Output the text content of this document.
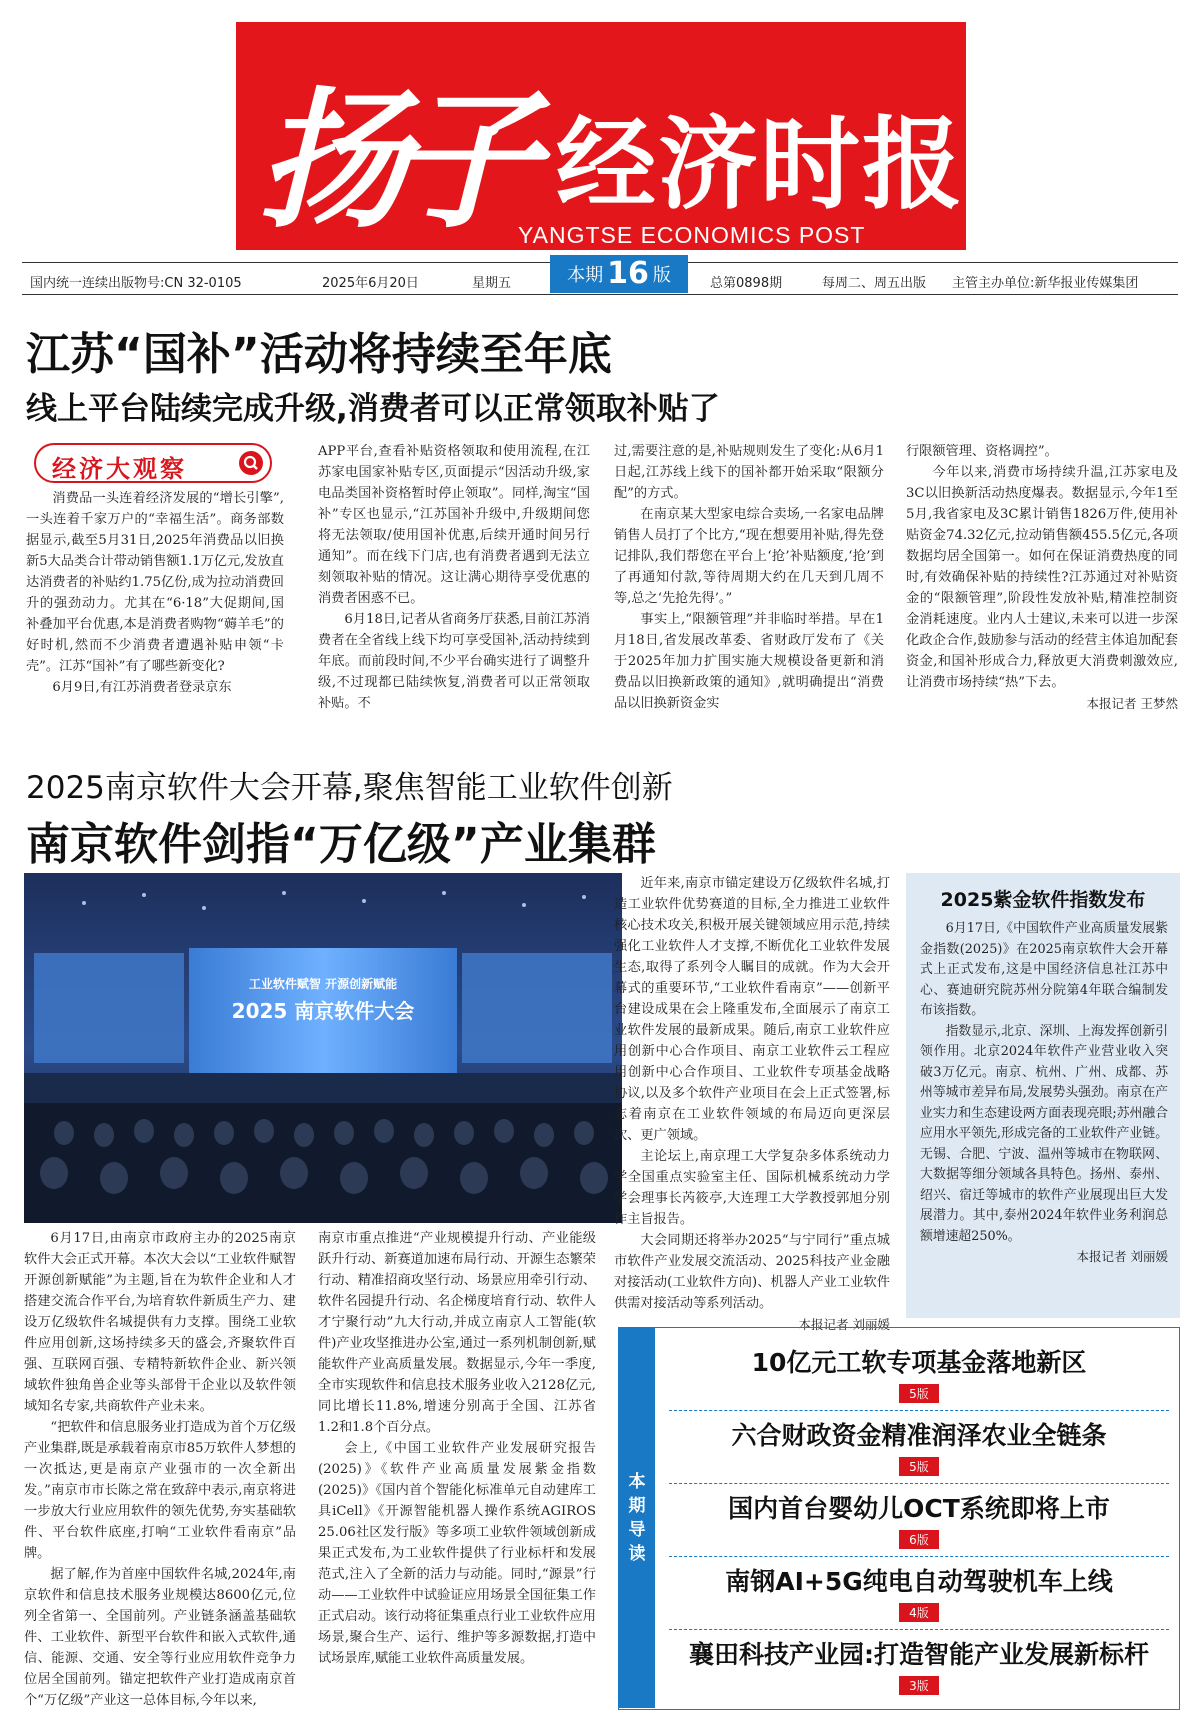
扬子 经济时报
YANGTSE ECONOMICS POST
国内统一连续出版物号:CN 32-0105	2025年6月20日	星期五	本期 16 版	总第0898期	每周二、周五出版 主管主办单位:新华报业传媒集团
江苏“国补”活动将持续至年底
线上平台陆续完成升级,消费者可以正常领取补贴了
经济大观察

消费品一头连着经济发展的“增长引擎”,一头连着千家万户的“幸福生活”。商务部数据显示,截至5月31日,2025年消费品以旧换新5大品类合计带动销售额1.1万亿元,发放直达消费者的补贴约1.75亿份,成为拉动消费回升的强劲动力。尤其在“6·18”大促期间,国补叠加平台优惠,本是消费者购物“薅羊毛”的好时机,然而不少消费者遭遇补贴申领“卡壳”。江苏“国补”有了哪些新变化?

6月9日,有江苏消费者登录京东

APP平台,查看补贴资格领取和使用流程,在江苏家电国家补贴专区,页面提示“因活动升级,家电品类国补资格暂时停止领取”。同样,淘宝“国补”专区也显示,“江苏国补升级中,升级期间您将无法领取/使用国补优惠,后续开通时间另行通知”。而在线下门店,也有消费者遇到无法立刻领取补贴的情况。这让满心期待享受优惠的消费者困惑不已。

6月18日,记者从省商务厅获悉,目前江苏消费者在全省线上线下均可享受国补,活动持续到年底。而前段时间,不少平台确实进行了调整升级,不过现都已陆续恢复,消费者可以正常领取补贴。不

过,需要注意的是,补贴规则发生了变化:从6月1日起,江苏线上线下的国补都开始采取“限额分配”的方式。

在南京某大型家电综合卖场,一名家电品牌销售人员打了个比方,“现在想要用补贴,得先登记排队,我们帮您在平台上‘抢’补贴额度,‘抢’到了再通知付款,等待周期大约在几天到几周不等,总之‘先抢先得’。”

事实上,“限额管理”并非临时举措。早在1月18日,省发展改革委、省财政厅发布了《关于2025年加力扩围实施大规模设备更新和消费品以旧换新政策的通知》,就明确提出“消费品以旧换新资金实

行限额管理、资格调控”。

今年以来,消费市场持续升温,江苏家电及3C以旧换新活动热度爆表。数据显示,今年1至5月,我省家电及3C累计销售1826万件,使用补贴资金74.32亿元,拉动销售额455.5亿元,各项数据均居全国第一。如何在保证消费热度的同时,有效确保补贴的持续性?江苏通过对补贴资金的“限额管理”,阶段性发放补贴,精准控制资金消耗速度。业内人士建议,未来可以进一步深化政企合作,鼓励参与活动的经营主体追加配套资金,和国补形成合力,释放更大消费刺激效应,让消费市场持续“热”下去。

本报记者 王梦然
2025南京软件大会开幕,聚焦智能工业软件创新
南京软件剑指“万亿级”产业集群
工业软件赋智 开源创新赋能
2025 南京软件大会

6月17日,由南京市政府主办的2025南京软件大会正式开幕。本次大会以“工业软件赋智 开源创新赋能”为主题,旨在为软件企业和人才搭建交流合作平台,为培育软件新质生产力、建设万亿级软件名城提供有力支撑。围绕工业软件应用创新,这场持续多天的盛会,齐聚软件百强、互联网百强、专精特新软件企业、新兴领域软件独角兽企业等头部骨干企业以及软件领域知名专家,共商软件产业未来。

“把软件和信息服务业打造成为首个万亿级产业集群,既是承载着南京市85万软件人梦想的一次抵达,更是南京产业强市的一次全新出发。”南京市市长陈之常在致辞中表示,南京将进一步放大行业应用软件的领先优势,夯实基础软件、平台软件底座,打响“工业软件看南京”品牌。

据了解,作为首座中国软件名城,2024年,南京软件和信息技术服务业规模达8600亿元,位列全省第一、全国前列。产业链条涵盖基础软件、工业软件、新型平台软件和嵌入式软件,通信、能源、交通、安全等行业应用软件竞争力位居全国前列。锚定把软件产业打造成南京首个“万亿级”产业这一总体目标,今年以来,

南京市重点推进“产业规模提升行动、产业能级跃升行动、新赛道加速布局行动、开源生态繁荣行动、精准招商攻坚行动、场景应用牵引行动、软件名园提升行动、名企梯度培育行动、软件人才宁聚行动”九大行动,并成立南京人工智能(软件)产业攻坚推进办公室,通过一系列机制创新,赋能软件产业高质量发展。数据显示,今年一季度,全市实现软件和信息技术服务业收入2128亿元,同比增长11.8%,增速分别高于全国、江苏省1.2和1.8个百分点。

会上,《中国工业软件产业发展研究报告(2025)》《软件产业高质量发展紫金指数(2025)》《国内首个智能化标准单元自动建库工具iCell》《开源智能机器人操作系统AGIROS 25.06社区发行版》等多项工业软件领域创新成果正式发布,为工业软件提供了行业标杆和发展范式,注入了全新的活力与动能。同时,“源景”行动——工业软件中试验证应用场景全国征集工作正式启动。该行动将征集重点行业工业软件应用场景,聚合生产、运行、维护等多源数据,打造中试场景库,赋能工业软件高质量发展。

近年来,南京市锚定建设万亿级软件名城,打造工业软件优势赛道的目标,全力推进工业软件核心技术攻关,积极开展关键领域应用示范,持续强化工业软件人才支撑,不断优化工业软件发展生态,取得了系列令人瞩目的成就。作为大会开幕式的重要环节,“工业软件看南京”——创新平台建设成果在会上隆重发布,全面展示了南京工业软件发展的最新成果。随后,南京工业软件应用创新中心合作项目、南京工业软件云工程应用创新中心合作项目、工业软件专项基金战略协议,以及多个软件产业项目在会上正式签署,标志着南京在工业软件领域的布局迈向更深层次、更广领域。

主论坛上,南京理工大学复杂多体系统动力学全国重点实验室主任、国际机械系统动力学学会理事长芮筱亭,大连理工大学教授郭旭分别作主旨报告。

大会同期还将举办2025“与宁同行”重点城市软件产业发展交流活动、2025科技产业金融对接活动(工业软件方向)、机器人产业工业软件供需对接活动等系列活动。

本报记者 刘丽媛
2025紫金软件指数发布

6月17日,《中国软件产业高质量发展紫金指数(2025)》在2025南京软件大会开幕式上正式发布,这是中国经济信息社江苏中心、赛迪研究院苏州分院第4年联合编制发布该指数。

指数显示,北京、深圳、上海发挥创新引领作用。北京2024年软件产业营业收入突破3万亿元。南京、杭州、广州、成都、苏州等城市差异布局,发展势头强劲。南京在产业实力和生态建设两方面表现亮眼;苏州融合应用水平领先,形成完备的工业软件产业链。无锡、合肥、宁波、温州等城市在物联网、大数据等细分领域各具特色。扬州、泰州、绍兴、宿迁等城市的软件产业展现出巨大发展潜力。其中,泰州2024年软件业务利润总额增速超250%。

本报记者 刘丽媛
本
期
导
读
10亿元工软专项基金落地新区
5版
六合财政资金精准润泽农业全链条
5版
国内首台婴幼儿OCT系统即将上市
6版
南钢AI+5G纯电自动驾驶机车上线
4版
襄田科技产业园:打造智能产业发展新标杆
3版
